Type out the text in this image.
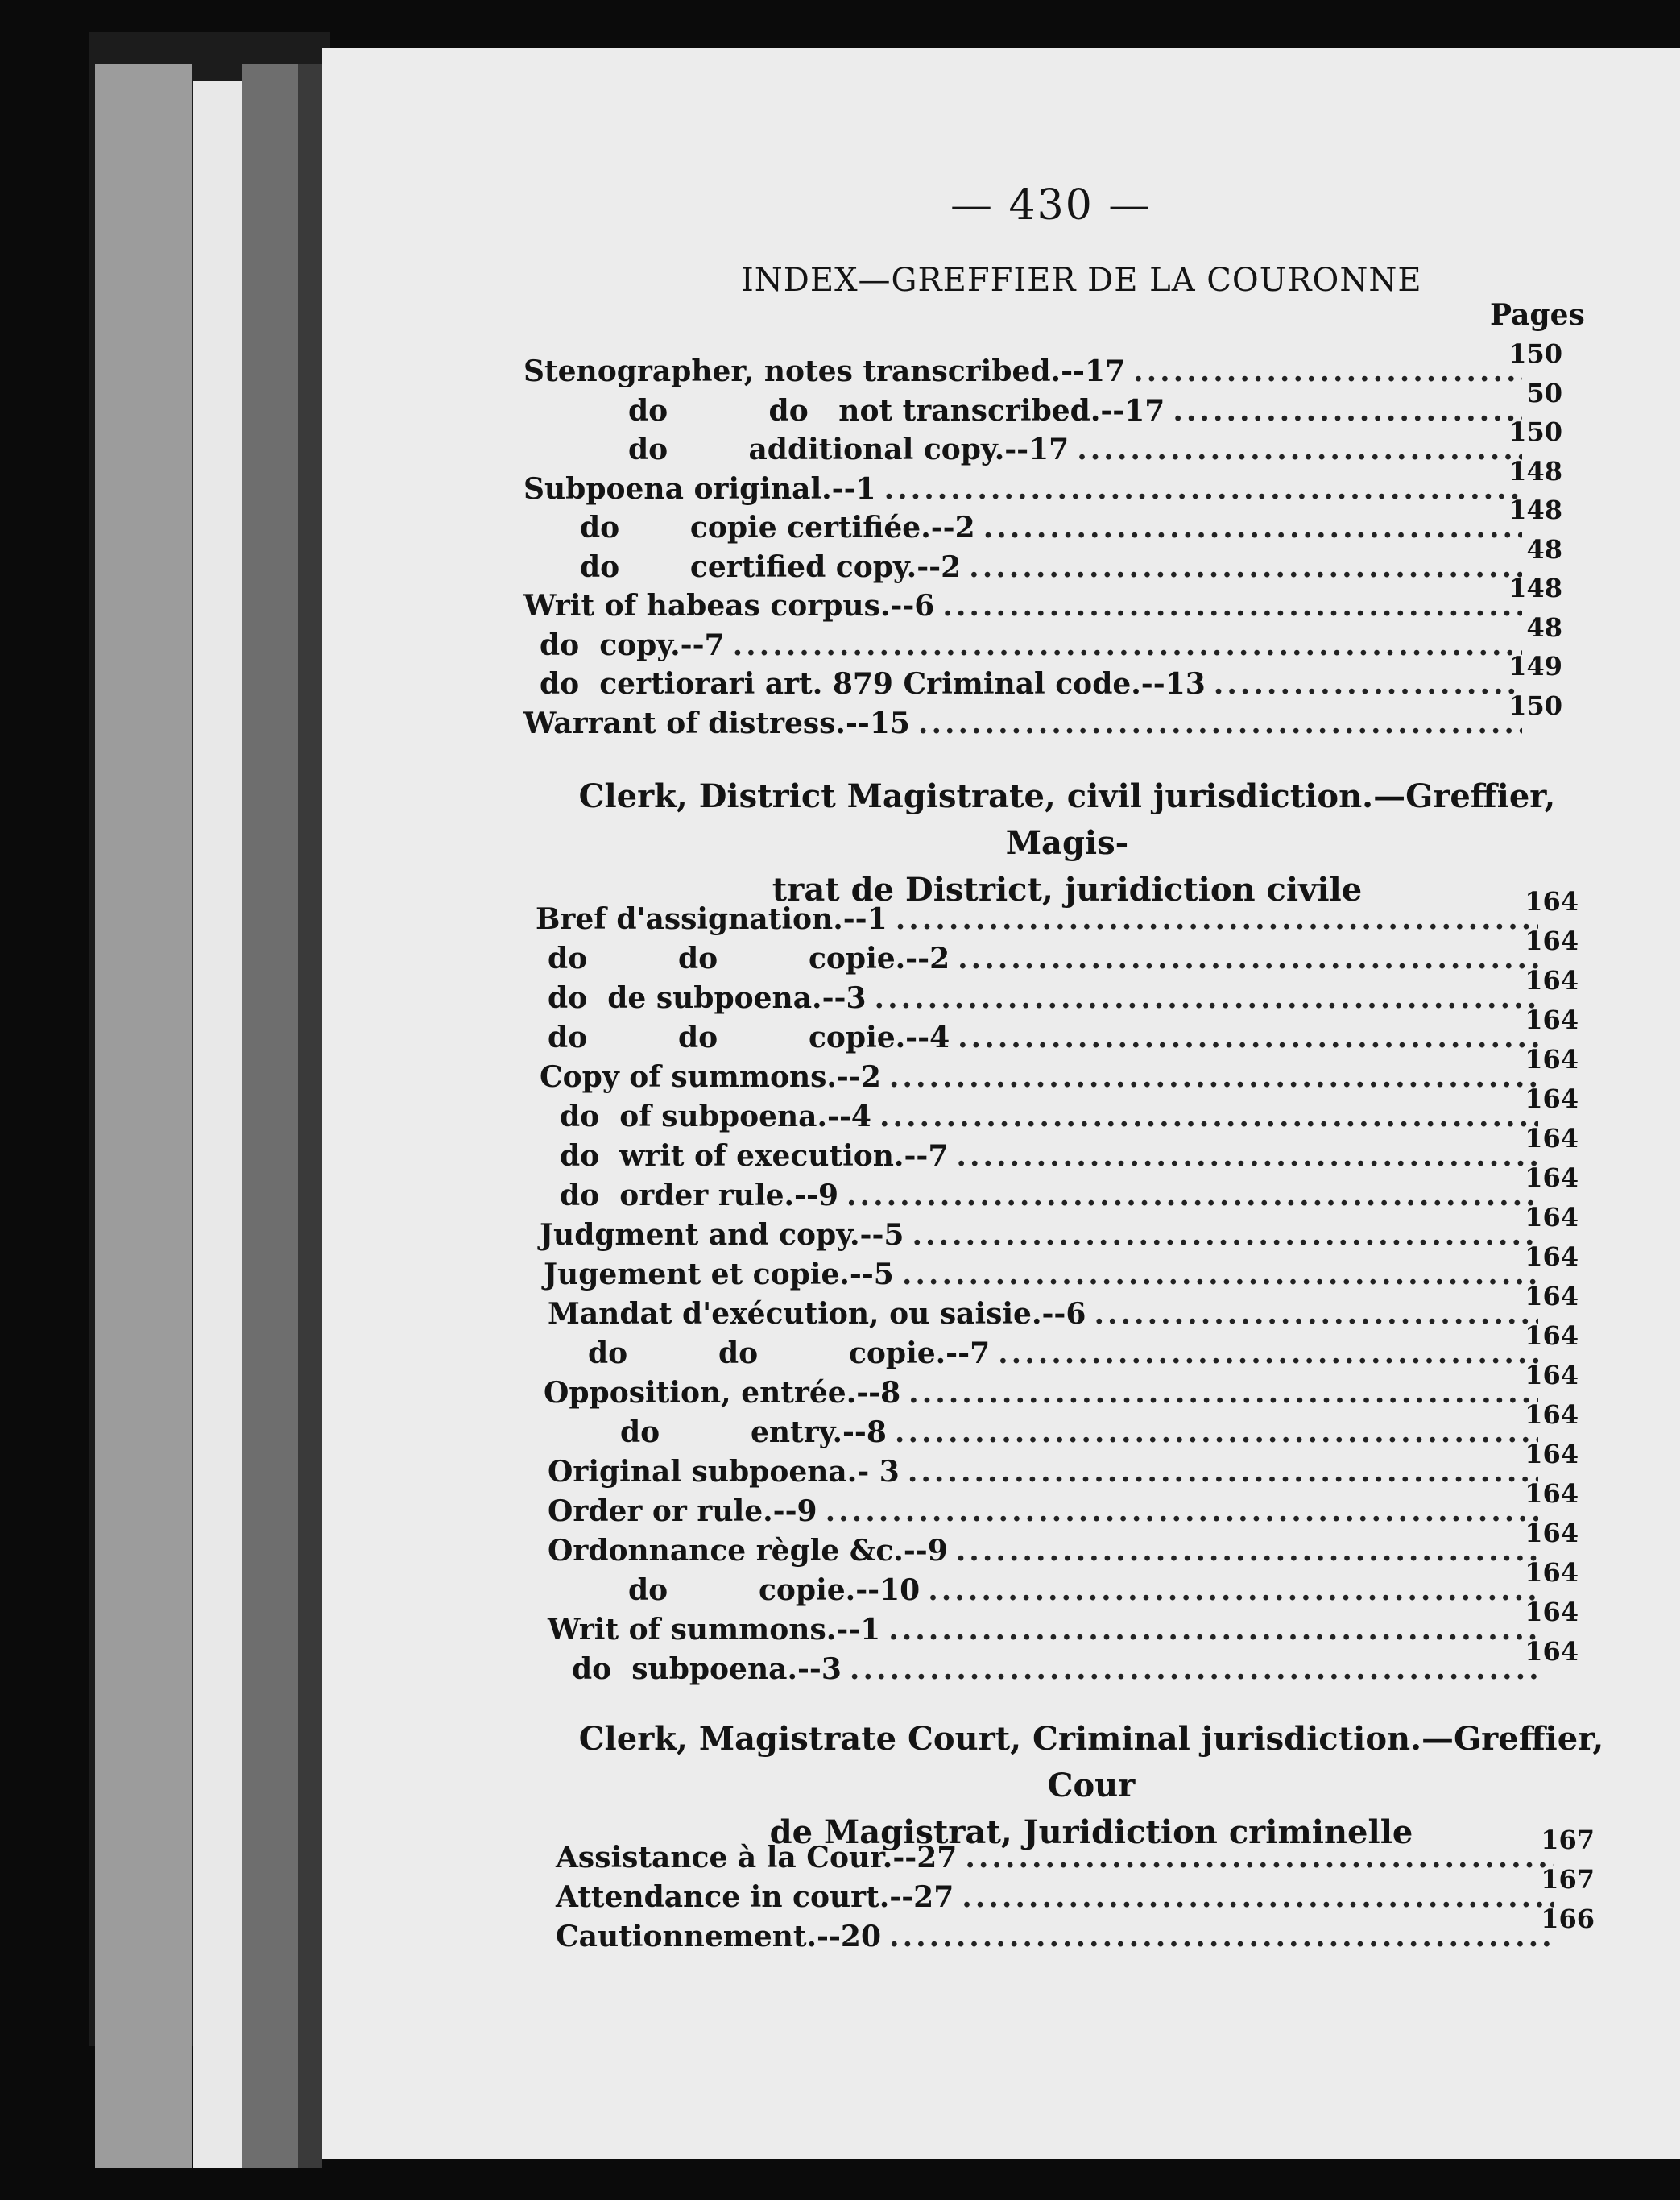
— 430 —
INDEX—GREFFIER DE LA COURONNE
Pages
Stenographer, notes transcribed.--17
.....
150
do          do   not transcribed.--17
.....
50
do        additional copy.--17
.....
150
Subpoena original.--1
.....
148
do       copie certifiée.--2
.....
148
do       certified copy.--2
.....
48
Writ of habeas corpus.--6
.....
148
do  copy.--7
.....
48
do  certiorari art. 879 Criminal code.--13
.....
149
Warrant of distress.--15
.....
150
Clerk, District Magistrate, civil jurisdiction.—Greffier, Magis-
trat de District, juridiction civile
Bref d'assignation.--1
.....
164
do         do         copie.--2
.....
164
do  de subpoena.--3
.....
164
do         do         copie.--4
.....
164
Copy of summons.--2
.....
164
do  of subpoena.--4
.....
164
do  writ of execution.--7
.....
164
do  order rule.--9
.....
164
Judgment and copy.--5
.....
164
Jugement et copie.--5
.....
164
Mandat d'exécution, ou saisie.--6
.....
164
do         do         copie.--7
.....
164
Opposition, entrée.--8
.....
164
do         entry.--8
.....
164
Original subpoena.- 3
.....
164
Order or rule.--9
.....
164
Ordonnance règle &c.--9
.....
164
do         copie.--10
.....
164
Writ of summons.--1
.....
164
do  subpoena.--3
.....
164
Clerk, Magistrate Court, Criminal jurisdiction.—Greffier, Cour
de Magistrat, Juridiction criminelle
Assistance à la Cour.--27
.....
167
Attendance in court.--27
.....
167
Cautionnement.--20
.....
166
